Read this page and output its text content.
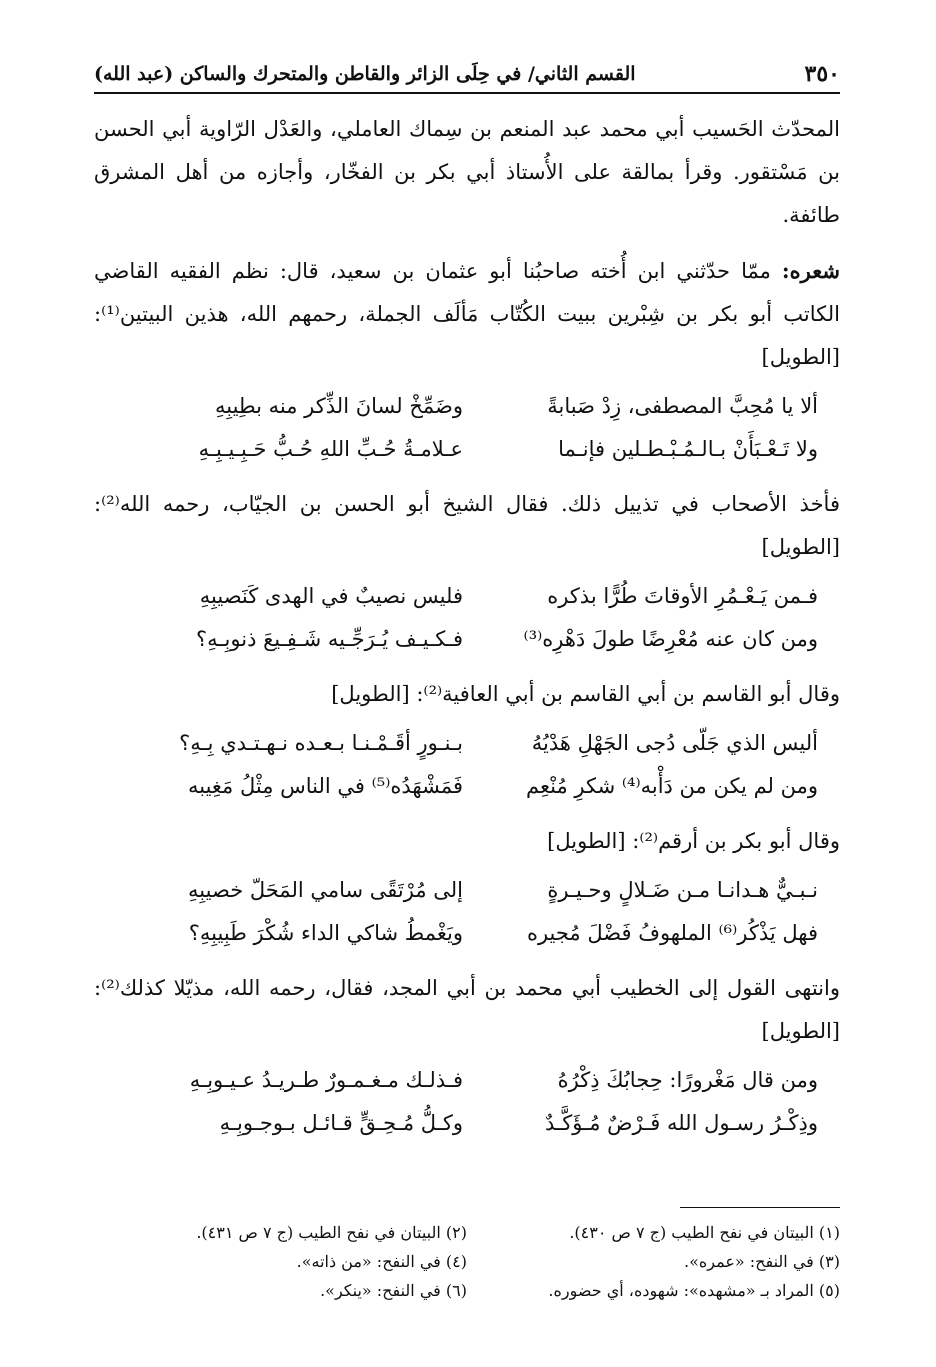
٣٥٠
القسم الثاني/ في حِلَى الزائر والقاطن والمتحرك والساكن (عبد الله)

المحدّث الحَسيب أبي محمد عبد المنعم بن سِماك العاملي، والعَدْل الرّاوية أبي الحسن بن مَسْتقور. وقرأ بمالقة على الأُستاذ أبي بكر بن الفخّار، وأجازه من أهل المشرق طائفة.

شعره: ممّا حدّثني ابن أُخته صاحبُنا أبو عثمان بن سعيد، قال: نظم الفقيه القاضي الكاتب أبو بكر بن شِبْرين ببيت الكُتّاب مَألَف الجملة، رحمهم الله، هذين البيتين⁽¹⁾: [الطويل]

ألا يا مُحِبَّ المصطفى، زِدْ صَبابةً
وضَمِّخْ لسانَ الذِّكر منه بطِيبِهِ
ولا تَـعْـبَأَنْ بـالـمُـبْـطـلين فإنـما
عـلامـةُ حُـبِّ اللهِ حُـبُّ حَـبِـيـبِـهِ

فأخذ الأصحاب في تذييل ذلك. فقال الشيخ أبو الحسن بن الجيّاب، رحمه الله⁽²⁾: [الطويل]

فـمن يَـعْـمُرِ الأوقاتَ طُرًّا بذكره
فليس نصيبٌ في الهدى كَنَصيبِهِ
ومن كان عنه مُعْرِضًا طولَ دَهْرِه⁽³⁾
فـكـيـف يُـرَجِّـيه شَـفِـيعَ ذنوبِـهِ؟

وقال أبو القاسم بن أبي القاسم بن أبي العافية⁽²⁾: [الطويل]

أليس الذي جَلّى دُجى الجَهْلِ هَدْيُهُ
بـنـورٍ أقَـمْـنـا بـعـده نـهـتـدي بِـهِ؟
ومن لم يكن من دَأْبه⁽⁴⁾ شكرِ مُنْعِم
فَمَشْهَدُه⁽⁵⁾ في الناس مِثْلُ مَغِيبه

وقال أبو بكر بن أرقم⁽²⁾: [الطويل]

نـبـيٌّ هـدانـا مـن ضَـلالٍ وحـيـرةٍ
إلى مُرْتَقًى سامي المَحَلّ خصيبِهِ
فهل يَذْكُر⁽⁶⁾ الملهوفُ فَضْلَ مُجيره
ويَغْمطُ شاكي الداء شُكْرَ طَبِيبِهِ؟

وانتهى القول إلى الخطيب أبي محمد بن أبي المجد، فقال، رحمه الله، مذيّلا كذلك⁽²⁾: [الطويل]

ومن قال مَغْرورًا: حِجابُكَ ذِكْرُهُ
فـذلـك مـغـمـورٌ طـريـدُ عـيـوبِـهِ
وذِكْـرُ رسـول الله فَـرْضٌ مُـؤَكَّـدٌ
وكـلُّ مُـحِـقٍّ قـائـل بـوجـوبِـهِ
(١) البيتان في نفح الطيب (ج ٧ ص ٤٣٠).
(٢) البيتان في نفح الطيب (ج ٧ ص ٤٣١).
(٣) في النفح: «عمره».
(٤) في النفح: «من ذاته».
(٥) المراد بـ «مشهده»: شهوده، أي حضوره.
(٦) في النفح: «ينكر».
